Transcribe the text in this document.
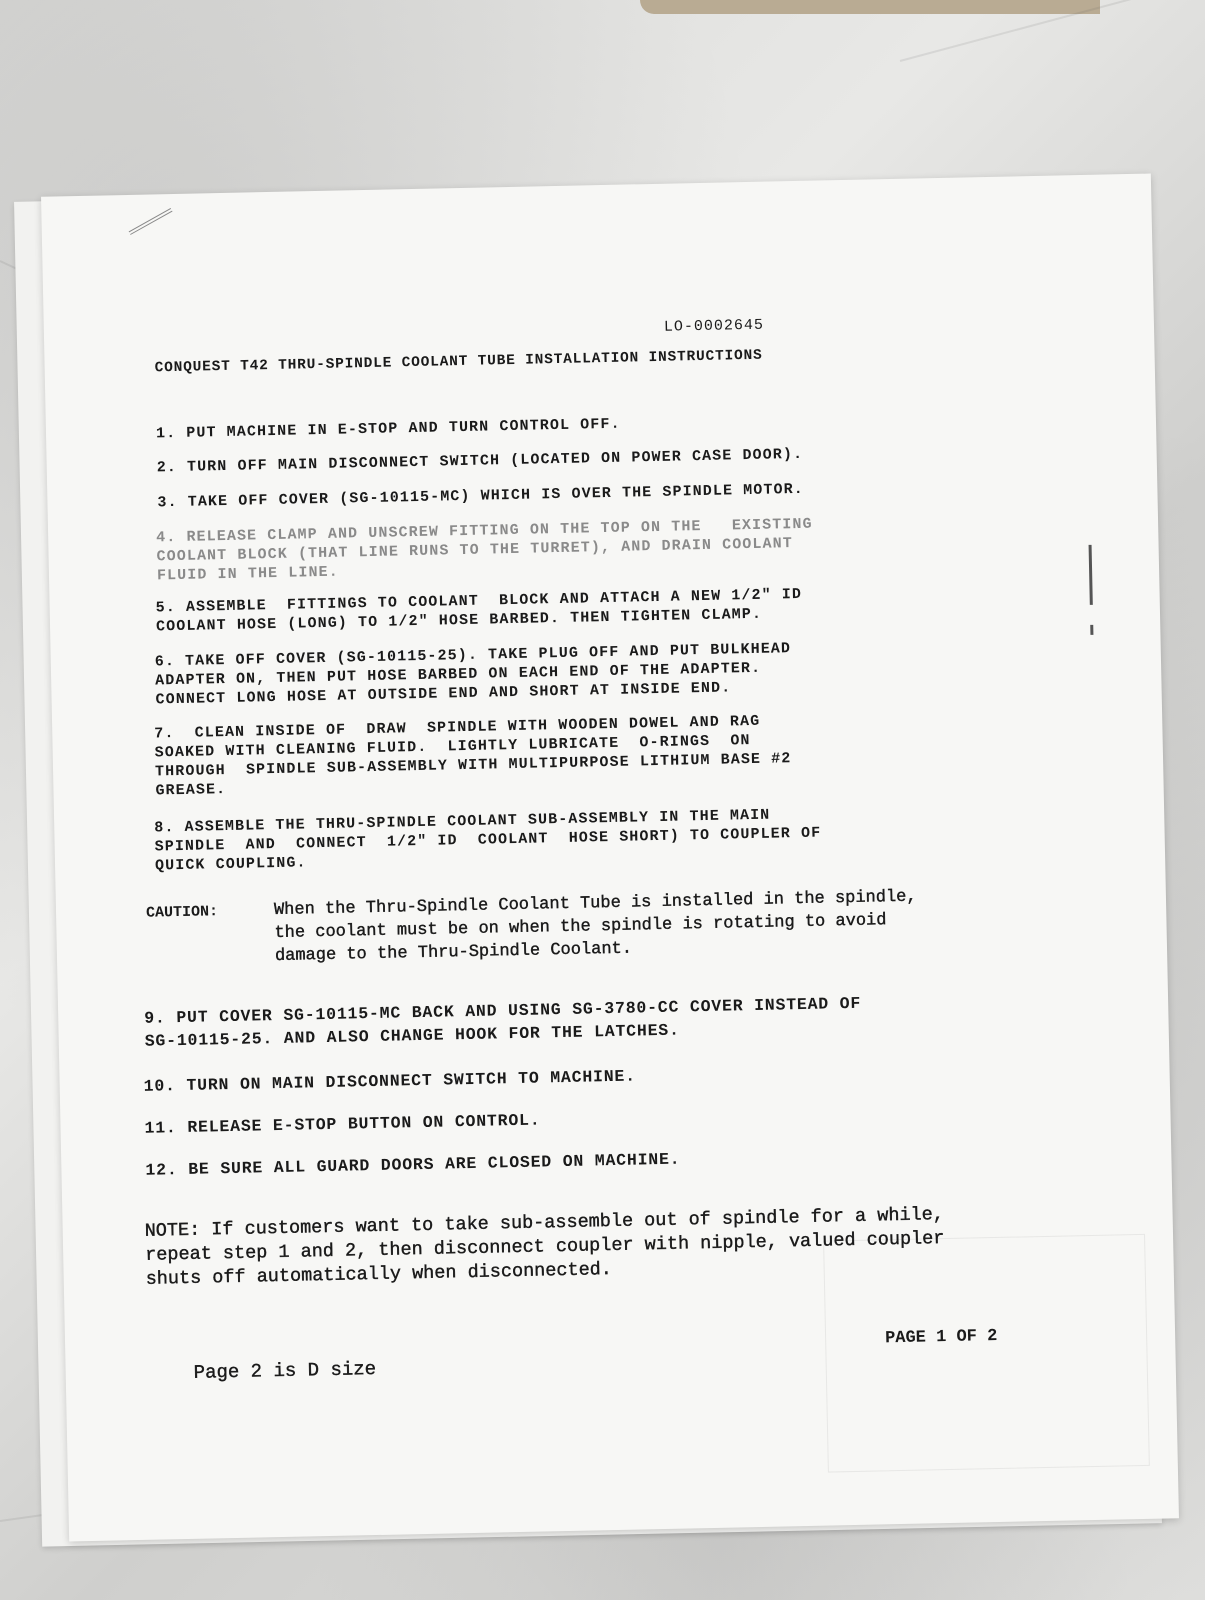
LO-0002645
CONQUEST T42 THRU-SPINDLE COOLANT TUBE INSTALLATION INSTRUCTIONS
1. PUT MACHINE IN E-STOP AND TURN CONTROL OFF.
2. TURN OFF MAIN DISCONNECT SWITCH (LOCATED ON POWER CASE DOOR).
3. TAKE OFF COVER (SG-10115-MC) WHICH IS OVER THE SPINDLE MOTOR.
4. RELEASE CLAMP AND UNSCREW FITTING ON THE TOP ON THE   EXISTING
COOLANT BLOCK (THAT LINE RUNS TO THE TURRET), AND DRAIN COOLANT
FLUID IN THE LINE.
5. ASSEMBLE  FITTINGS TO COOLANT  BLOCK AND ATTACH A NEW 1/2" ID
COOLANT HOSE (LONG) TO 1/2" HOSE BARBED. THEN TIGHTEN CLAMP.
6. TAKE OFF COVER (SG-10115-25). TAKE PLUG OFF AND PUT BULKHEAD
ADAPTER ON, THEN PUT HOSE BARBED ON EACH END OF THE ADAPTER.
CONNECT LONG HOSE AT OUTSIDE END AND SHORT AT INSIDE END.
7.  CLEAN INSIDE OF  DRAW  SPINDLE WITH WOODEN DOWEL AND RAG
SOAKED WITH CLEANING FLUID.  LIGHTLY LUBRICATE  O-RINGS  ON
THROUGH  SPINDLE SUB-ASSEMBLY WITH MULTIPURPOSE LITHIUM BASE #2
GREASE.
8. ASSEMBLE THE THRU-SPINDLE COOLANT SUB-ASSEMBLY IN THE MAIN
SPINDLE  AND  CONNECT  1/2" ID  COOLANT  HOSE SHORT) TO COUPLER OF
QUICK COUPLING.
CAUTION:	When the Thru-Spindle Coolant Tube is installed in the spindle, the coolant must be on when the spindle is rotating to avoid damage to the Thru-Spindle Coolant.
9. PUT COVER SG-10115-MC BACK AND USING SG-3780-CC COVER INSTEAD OF
SG-10115-25. AND ALSO CHANGE HOOK FOR THE LATCHES.
10. TURN ON MAIN DISCONNECT SWITCH TO MACHINE.
11. RELEASE E-STOP BUTTON ON CONTROL.
12. BE SURE ALL GUARD DOORS ARE CLOSED ON MACHINE.
NOTE: If customers want to take sub-assemble out of spindle for a while, repeat step 1 and 2, then disconnect coupler with nipple, valued coupler shuts off automatically when disconnected.
PAGE 1 OF 2
Page 2 is D size
